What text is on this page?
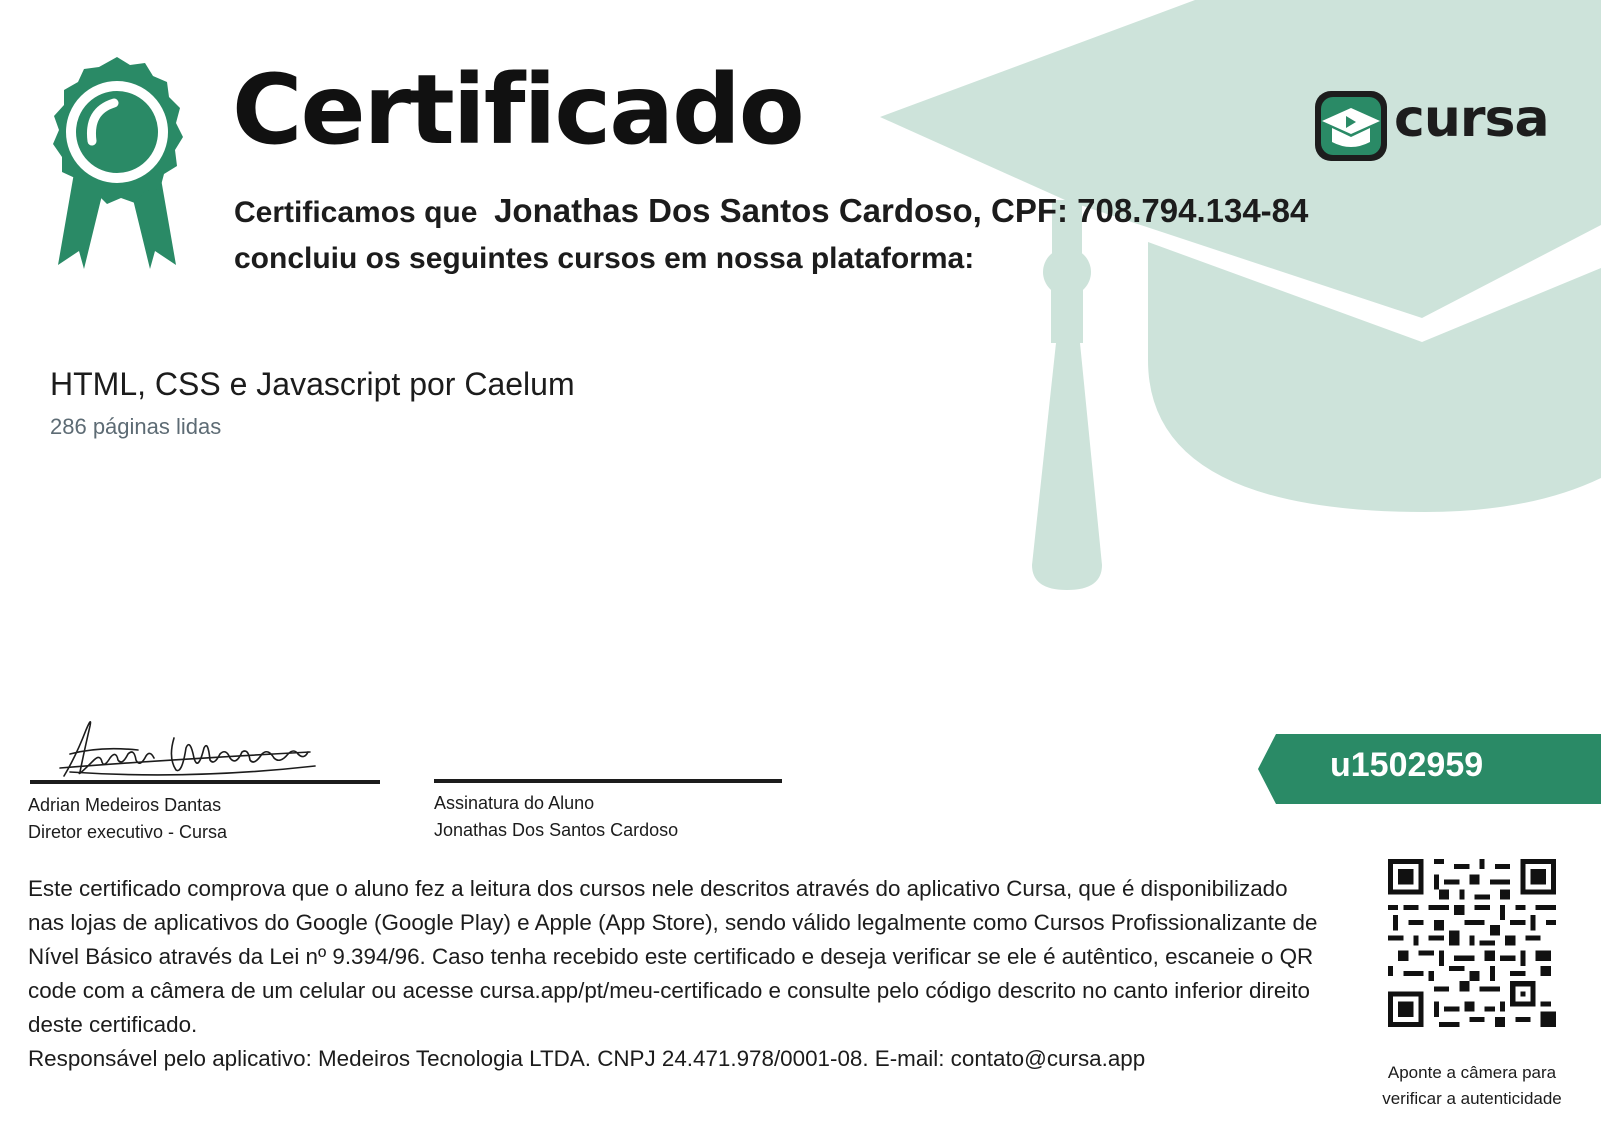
Certificado	cursa
Certificamos que Jonathas Dos Santos Cardoso, CPF: 708.794.134-84
concluiu os seguintes cursos em nossa plataforma:
HTML, CSS e Javascript por Caelum
286 páginas lidas
Adrian Medeiros Dantas
Diretor executivo - Cursa
Assinatura do Aluno
Jonathas Dos Santos Cardoso
u1502959
Este certificado comprova que o aluno fez a leitura dos cursos nele descritos através do aplicativo Cursa, que é disponibilizado nas lojas de aplicativos do Google (Google Play) e Apple (App Store), sendo válido legalmente como Cursos Profissionalizante de Nível Básico através da Lei nº 9.394/96. Caso tenha recebido este certificado e deseja verificar se ele é autêntico, escaneie o QR code com a câmera de um celular ou acesse cursa.app/pt/meu-certificado e consulte pelo código descrito no canto inferior direito deste certificado.
Responsável pelo aplicativo: Medeiros Tecnologia LTDA. CNPJ 24.471.978/0001-08. E-mail: contato@cursa.app
Aponte a câmera para
verificar a autenticidade
